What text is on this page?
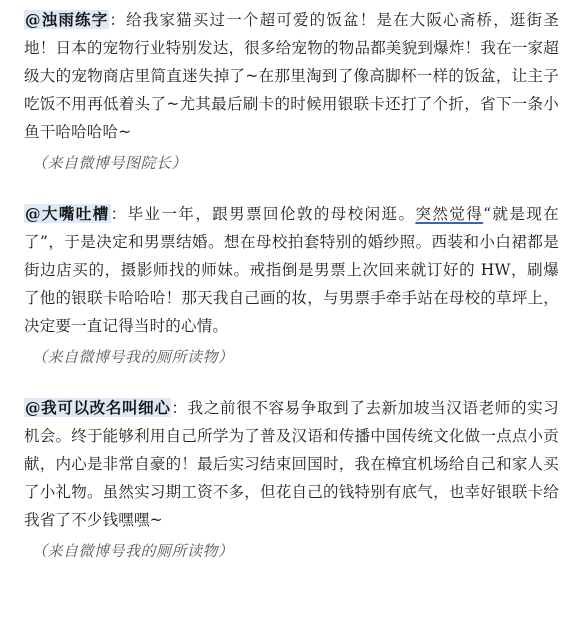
@浊雨练字：给我家猫买过一个超可爱的饭盆！是在大阪心斋桥，逛街圣地！日本的宠物行业特别发达，很多给宠物的物品都美貌到爆炸！我在一家超级大的宠物商店里简直迷失掉了~在那里淘到了像高脚杯一样的饭盆，让主子吃饭不用再低着头了~尤其最后刷卡的时候用银联卡还打了个折，省下一条小鱼干哈哈哈哈~

（来自微博号图院长）

@大嘴吐槽：毕业一年，跟男票回伦敦的母校闲逛。突然觉得“就是现在了”，于是决定和男票结婚。想在母校拍套特别的婚纱照。西装和小白裙都是街边店买的，摄影师找的师妹。戒指倒是男票上次回来就订好的 HW，刷爆了他的银联卡哈哈哈！那天我自己画的妆，与男票手牵手站在母校的草坪上，决定要一直记得当时的心情。

（来自微博号我的厕所读物）

@我可以改名叫细心：我之前很不容易争取到了去新加坡当汉语老师的实习机会。终于能够利用自己所学为了普及汉语和传播中国传统文化做一点点小贡献，内心是非常自豪的！最后实习结束回国时，我在樟宜机场给自己和家人买了小礼物。虽然实习期工资不多，但花自己的钱特别有底气，也幸好银联卡给我省了不少钱嘿嘿~

（来自微博号我的厕所读物）
